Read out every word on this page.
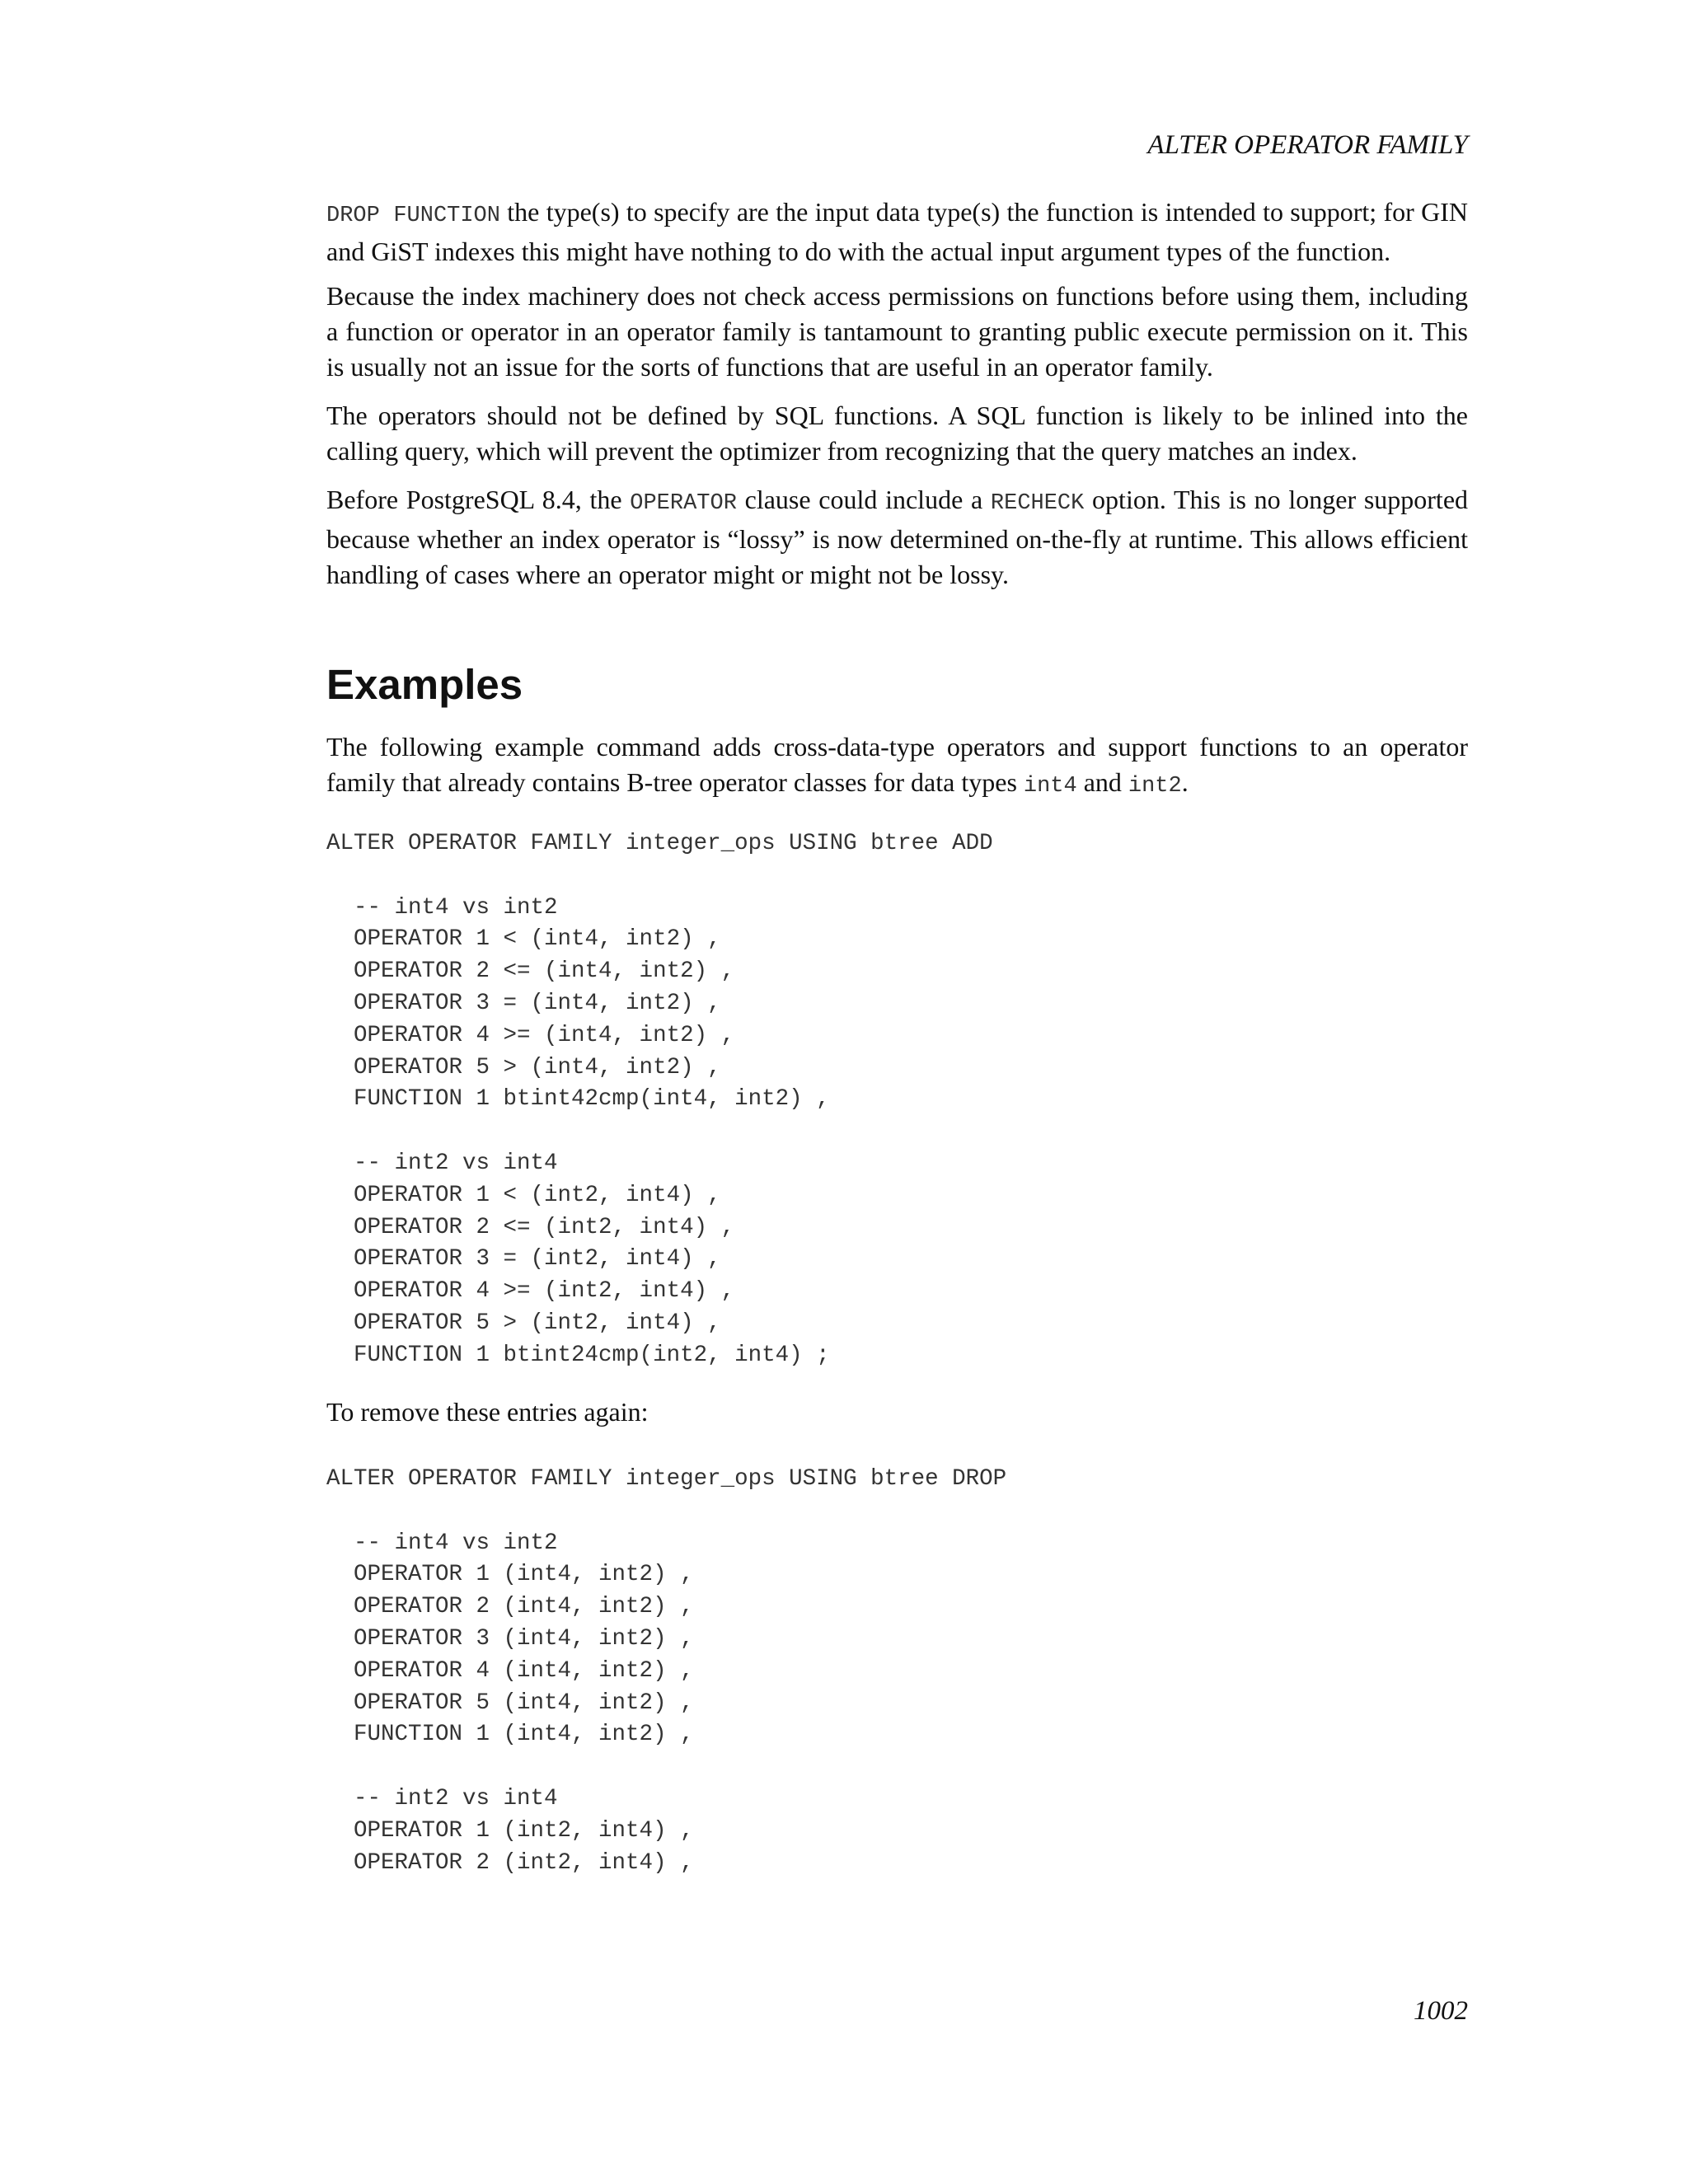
ALTER OPERATOR FAMILY

DROP FUNCTION the type(s) to specify are the input data type(s) the function is intended to support; for GIN and GiST indexes this might have nothing to do with the actual input argument types of the function.

Because the index machinery does not check access permissions on functions before using them, including a function or operator in an operator family is tantamount to granting public execute permission on it. This is usually not an issue for the sorts of functions that are useful in an operator family.

The operators should not be defined by SQL functions. A SQL function is likely to be inlined into the calling query, which will prevent the optimizer from recognizing that the query matches an index.

Before PostgreSQL 8.4, the OPERATOR clause could include a RECHECK option. This is no longer supported because whether an index operator is “lossy” is now determined on-the-fly at runtime. This allows efficient handling of cases where an operator might or might not be lossy.

Examples

The following example command adds cross-data-type operators and support functions to an operator family that already contains B-tree operator classes for data types int4 and int2.

ALTER OPERATOR FAMILY integer_ops USING btree ADD

-- int4 vs int2
OPERATOR 1 < (int4, int2) ,
OPERATOR 2 <= (int4, int2) ,
OPERATOR 3 = (int4, int2) ,
OPERATOR 4 >= (int4, int2) ,
OPERATOR 5 > (int4, int2) ,
FUNCTION 1 btint42cmp(int4, int2) ,

-- int2 vs int4
OPERATOR 1 < (int2, int4) ,
OPERATOR 2 <= (int2, int4) ,
OPERATOR 3 = (int2, int4) ,
OPERATOR 4 >= (int2, int4) ,
OPERATOR 5 > (int2, int4) ,
FUNCTION 1 btint24cmp(int2, int4) ;

To remove these entries again:

ALTER OPERATOR FAMILY integer_ops USING btree DROP

-- int4 vs int2
OPERATOR 1 (int4, int2) ,
OPERATOR 2 (int4, int2) ,
OPERATOR 3 (int4, int2) ,
OPERATOR 4 (int4, int2) ,
OPERATOR 5 (int4, int2) ,
FUNCTION 1 (int4, int2) ,

-- int2 vs int4
OPERATOR 1 (int2, int4) ,
OPERATOR 2 (int2, int4) ,
1002
